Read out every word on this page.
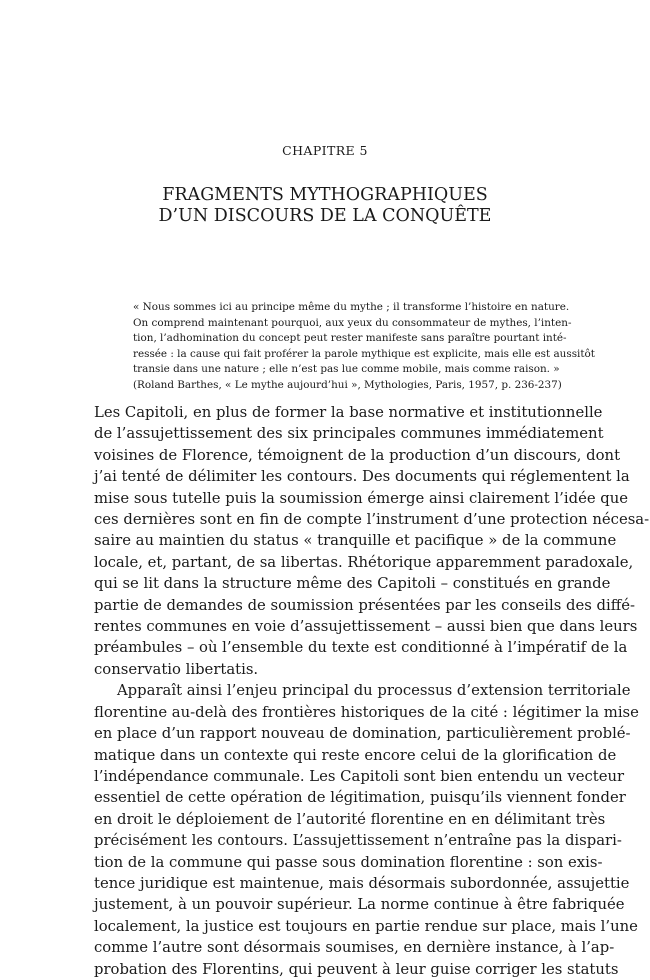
CHAPITRE 5
FRAGMENTS MYTHOGRAPHIQUES
D’UN DISCOURS DE LA CONQUÊTE
« Nous sommes ici au principe même du mythe ; il transforme l’histoire en nature.
On comprend maintenant pourquoi, aux yeux du consommateur de mythes, l’inten-
tion, l’adhomination du concept peut rester manifeste sans paraître pourtant inté-
ressée : la cause qui fait proférer la parole mythique est explicite, mais elle est aussitôt
transie dans une nature ; elle n’est pas lue comme mobile, mais comme raison. »
(Roland Barthes, « Le mythe aujourd’hui », Mythologies, Paris, 1957, p. 236-237)
Les Capitoli, en plus de former la base normative et institutionnelle
de l’assujettissement des six principales communes immédiatement
voisines de Florence, témoignent de la production d’un discours, dont
j’ai tenté de délimiter les contours. Des documents qui réglementent la
mise sous tutelle puis la soumission émerge ainsi clairement l’idée que
ces dernières sont en fin de compte l’instrument d’une protection nécesa-
saire au maintien du status « tranquille et pacifique » de la commune
locale, et, partant, de sa libertas. Rhétorique apparemment paradoxale,
qui se lit dans la structure même des Capitoli – constitués en grande
partie de demandes de soumission présentées par les conseils des diffé-
rentes communes en voie d’assujettissement – aussi bien que dans leurs
préambules – où l’ensemble du texte est conditionné à l’impératif de la
conservatio libertatis.
Apparaît ainsi l’enjeu principal du processus d’extension territoriale
florentine au-delà des frontières historiques de la cité : légitimer la mise
en place d’un rapport nouveau de domination, particulièrement problé-
matique dans un contexte qui reste encore celui de la glorification de
l’indépendance communale. Les Capitoli sont bien entendu un vecteur
essentiel de cette opération de légitimation, puisqu’ils viennent fonder
en droit le déploiement de l’autorité florentine en en délimitant très
précisément les contours. L’assujettissement n’entraîne pas la dispari-
tion de la commune qui passe sous domination florentine : son exis-
tence juridique est maintenue, mais désormais subordonnée, assujettie
justement, à un pouvoir supérieur. La norme continue à être fabriquée
localement, la justice est toujours en partie rendue sur place, mais l’une
comme l’autre sont désormais soumises, en dernière instance, à l’ap-
probation des Florentins, qui peuvent à leur guise corriger les statuts
